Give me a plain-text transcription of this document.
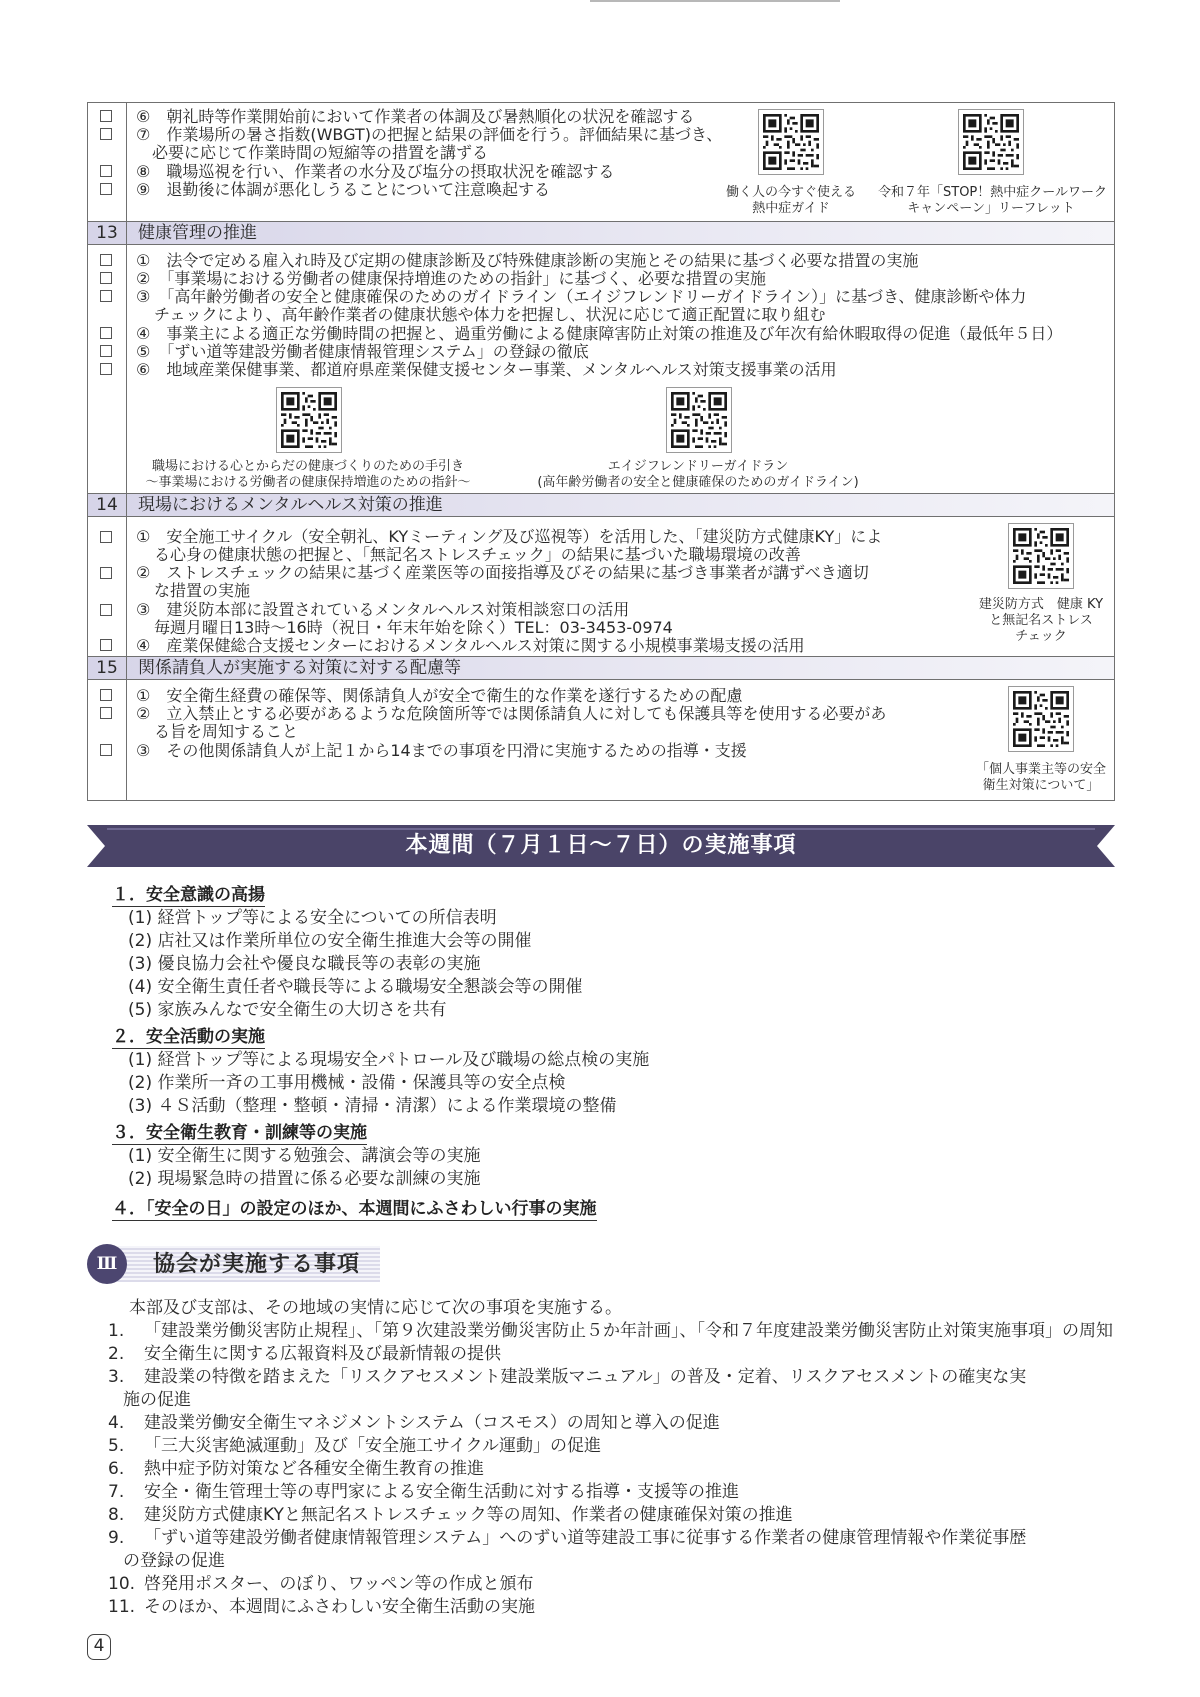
⑥　朝礼時等作業開始前において作業者の体調及び暑熱順化の状況を確認する
⑦　作業場所の暑さ指数(WBGT)の把握と結果の評価を行う。評価結果に基づき、
必要に応じて作業時間の短縮等の措置を講ずる
⑧　職場巡視を行い、作業者の水分及び塩分の摂取状況を確認する
⑨　退勤後に体調が悪化しうることについて注意喚起する	働く人の今すぐ使える
熱中症ガイド
令和７年「STOP！熱中症クールワーク
キャンペーン」リーフレット
13	健康管理の推進
①　法令で定める雇入れ時及び定期の健康診断及び特殊健康診断の実施とその結果に基づく必要な措置の実施
②　「事業場における労働者の健康保持増進のための指針」に基づく、必要な措置の実施
③　「高年齢労働者の安全と健康確保のためのガイドライン（エイジフレンドリーガイドライン）」に基づき、健康診断や体力
チェックにより、高年齢作業者の健康状態や体力を把握し、状況に応じて適正配置に取り組む
④　事業主による適正な労働時間の把握と、過重労働による健康障害防止対策の推進及び年次有給休暇取得の促進（最低年５日）
⑤　「ずい道等建設労働者健康情報管理システム」の登録の徹底
⑥　地域産業保健事業、都道府県産業保健支援センター事業、メンタルヘルス対策支援事業の活用
職場における心とからだの健康づくりのための手引き
～事業場における労働者の健康保持増進のための指針～
エイジフレンドリーガイドラン
(高年齢労働者の安全と健康確保のためのガイドライン)
14	現場におけるメンタルヘルス対策の推進
①　安全施工サイクル（安全朝礼、KYミーティング及び巡視等）を活用した、「建災防方式健康KY」によ
る心身の健康状態の把握と、「無記名ストレスチェック」の結果に基づいた職場環境の改善
②　ストレスチェックの結果に基づく産業医等の面接指導及びその結果に基づき事業者が講ずべき適切
な措置の実施
③　建災防本部に設置されているメンタルヘルス対策相談窓口の活用
毎週月曜日13時～16時（祝日・年末年始を除く）TEL：03-3453-0974
④　産業保健総合支援センターにおけるメンタルヘルス対策に関する小規模事業場支援の活用
建災防方式　健康 KY
と無記名ストレス
チェック
15	関係請負人が実施する対策に対する配慮等
①　安全衛生経費の確保等、関係請負人が安全で衛生的な作業を遂行するための配慮
②　立入禁止とする必要があるような危険箇所等では関係請負人に対しても保護具等を使用する必要があ
る旨を周知すること
③　その他関係請負人が上記１から14までの事項を円滑に実施するための指導・支援
「個人事業主等の安全
衛生対策について」
本週間（７月１日～７日）の実施事項
１．安全意識の高揚
(1) 経営トップ等による安全についての所信表明
(2) 店社又は作業所単位の安全衛生推進大会等の開催
(3) 優良協力会社や優良な職長等の表彰の実施
(4) 安全衛生責任者や職長等による職場安全懇談会等の開催
(5) 家族みんなで安全衛生の大切さを共有
２．安全活動の実施
(1) 経営トップ等による現場安全パトロール及び職場の総点検の実施
(2) 作業所一斉の工事用機械・設備・保護具等の安全点検
(3) ４Ｓ活動（整理・整頓・清掃・清潔）による作業環境の整備
３．安全衛生教育・訓練等の実施
(1) 安全衛生に関する勉強会、講演会等の実施
(2) 現場緊急時の措置に係る必要な訓練の実施
４．「安全の日」の設定のほか、本週間にふさわしい行事の実施
Ⅲ	協会が実施する事項
本部及び支部は、その地域の実情に応じて次の事項を実施する。
1. 「建設業労働災害防止規程」、「第９次建設業労働災害防止５か年計画」、「令和７年度建設業労働災害防止対策実施事項」の周知
2. 安全衛生に関する広報資料及び最新情報の提供
3. 建設業の特徴を踏まえた「リスクアセスメント建設業版マニュアル」の普及・定着、リスクアセスメントの確実な実
施の促進
4. 建設業労働安全衛生マネジメントシステム（コスモス）の周知と導入の促進
5. 「三大災害絶滅運動」及び「安全施工サイクル運動」の促進
6. 熱中症予防対策など各種安全衛生教育の推進
7. 安全・衛生管理士等の専門家による安全衛生活動に対する指導・支援等の推進
8. 建災防方式健康KYと無記名ストレスチェック等の周知、作業者の健康確保対策の推進
9. 「ずい道等建設労働者健康情報管理システム」へのずい道等建設工事に従事する作業者の健康管理情報や作業従事歴
の登録の促進
10. 啓発用ポスター、のぼり、ワッペン等の作成と頒布
11. そのほか、本週間にふさわしい安全衛生活動の実施
4
